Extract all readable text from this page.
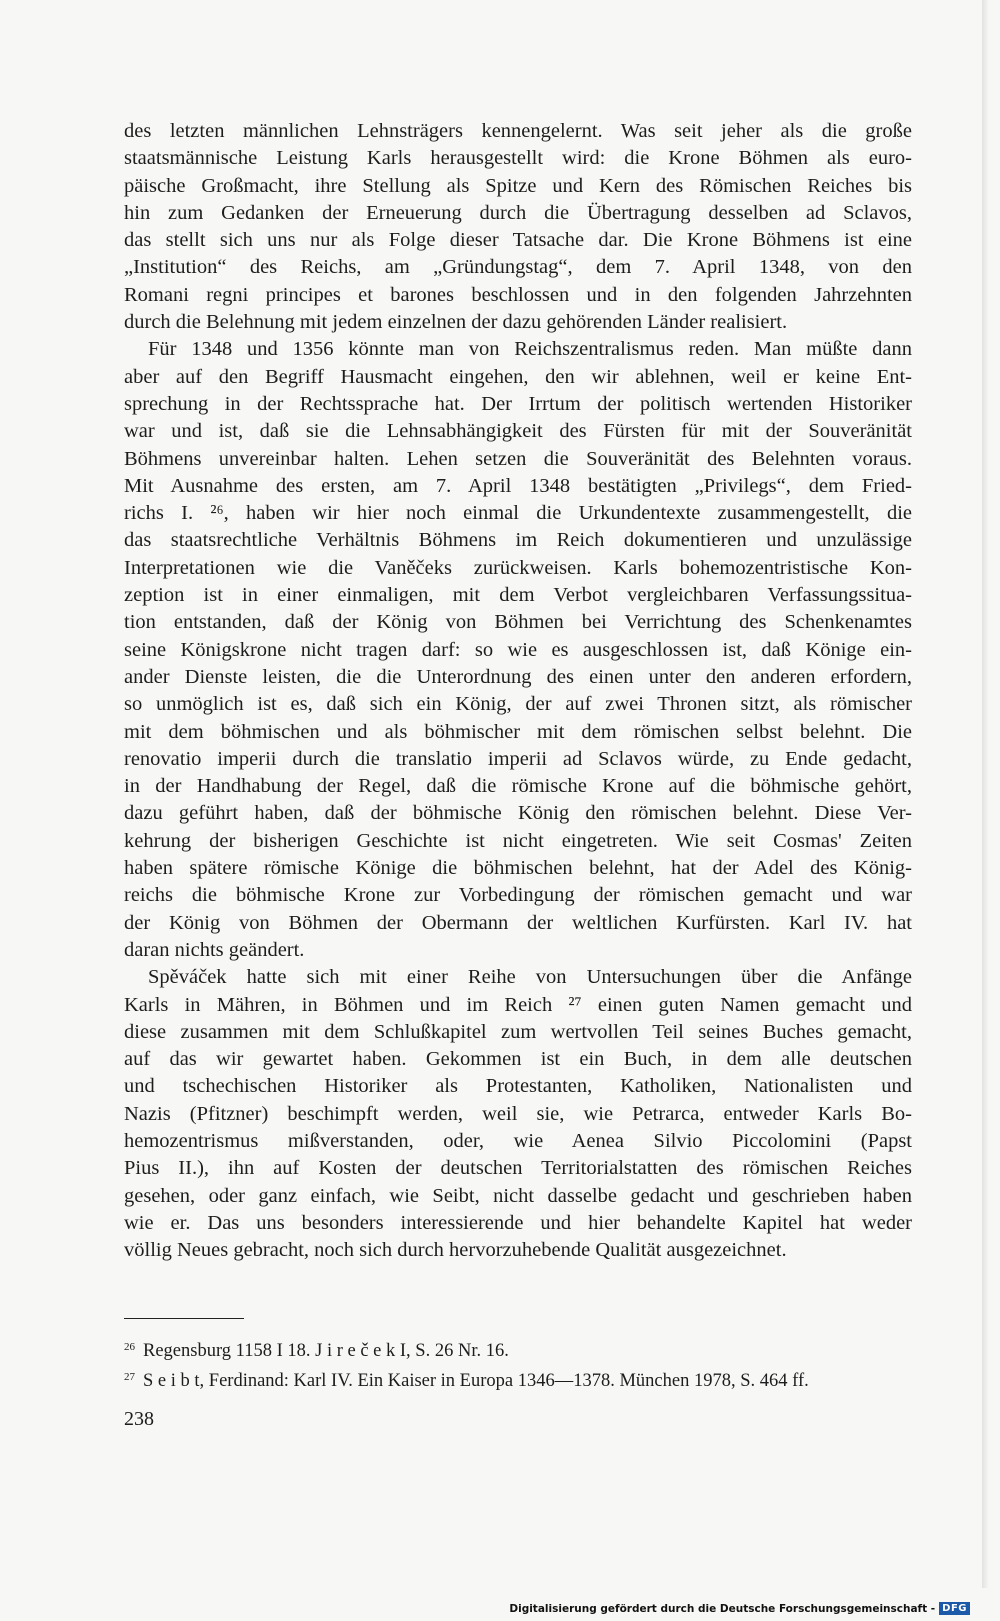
des letzten männlichen Lehnsträgers kennengelernt. Was seit jeher als die große
staatsmännische Leistung Karls herausgestellt wird: die Krone Böhmen als euro-
päische Großmacht, ihre Stellung als Spitze und Kern des Römischen Reiches bis
hin zum Gedanken der Erneuerung durch die Übertragung desselben ad Sclavos,
das stellt sich uns nur als Folge dieser Tatsache dar. Die Krone Böhmens ist eine
„Institution“ des Reichs, am „Gründungstag“, dem 7. April 1348, von den
Romani regni principes et barones beschlossen und in den folgenden Jahrzehnten
durch die Belehnung mit jedem einzelnen der dazu gehörenden Länder realisiert.
Für 1348 und 1356 könnte man von Reichszentralismus reden. Man müßte dann
aber auf den Begriff Hausmacht eingehen, den wir ablehnen, weil er keine Ent-
sprechung in der Rechtssprache hat. Der Irrtum der politisch wertenden Historiker
war und ist, daß sie die Lehnsabhängigkeit des Fürsten für mit der Souveränität
Böhmens unvereinbar halten. Lehen setzen die Souveränität des Belehnten voraus.
Mit Ausnahme des ersten, am 7. April 1348 bestätigten „Privilegs“, dem Fried-
richs I. ²⁶, haben wir hier noch einmal die Urkundentexte zusammengestellt, die
das staatsrechtliche Verhältnis Böhmens im Reich dokumentieren und unzulässige
Interpretationen wie die Vaněčeks zurückweisen. Karls bohemozentristische Kon-
zeption ist in einer einmaligen, mit dem Verbot vergleichbaren Verfassungssitua-
tion entstanden, daß der König von Böhmen bei Verrichtung des Schenkenamtes
seine Königskrone nicht tragen darf: so wie es ausgeschlossen ist, daß Könige ein-
ander Dienste leisten, die die Unterordnung des einen unter den anderen erfordern,
so unmöglich ist es, daß sich ein König, der auf zwei Thronen sitzt, als römischer
mit dem böhmischen und als böhmischer mit dem römischen selbst belehnt. Die
renovatio imperii durch die translatio imperii ad Sclavos würde, zu Ende gedacht,
in der Handhabung der Regel, daß die römische Krone auf die böhmische gehört,
dazu geführt haben, daß der böhmische König den römischen belehnt. Diese Ver-
kehrung der bisherigen Geschichte ist nicht eingetreten. Wie seit Cosmas' Zeiten
haben spätere römische Könige die böhmischen belehnt, hat der Adel des König-
reichs die böhmische Krone zur Vorbedingung der römischen gemacht und war
der König von Böhmen der Obermann der weltlichen Kurfürsten. Karl IV. hat
daran nichts geändert.
Spěváček hatte sich mit einer Reihe von Untersuchungen über die Anfänge
Karls in Mähren, in Böhmen und im Reich ²⁷ einen guten Namen gemacht und
diese zusammen mit dem Schlußkapitel zum wertvollen Teil seines Buches gemacht,
auf das wir gewartet haben. Gekommen ist ein Buch, in dem alle deutschen
und tschechischen Historiker als Protestanten, Katholiken, Nationalisten und
Nazis (Pfitzner) beschimpft werden, weil sie, wie Petrarca, entweder Karls Bo-
hemozentrismus mißverstanden, oder, wie Aenea Silvio Piccolomini (Papst
Pius II.), ihn auf Kosten der deutschen Territorialstatten des römischen Reiches
gesehen, oder ganz einfach, wie Seibt, nicht dasselbe gedacht und geschrieben haben
wie er. Das uns besonders interessierende und hier behandelte Kapitel hat weder
völlig Neues gebracht, noch sich durch hervorzuhebende Qualität ausgezeichnet.
$^{26}$ Regensburg 1158 I 18. J i r e č e k I, S. 26 Nr. 16.
$^{27}$ S e i b t, Ferdinand: Karl IV. Ein Kaiser in Europa 1346—1378. München 1978, S. 464 ff.
238
Digitalisierung gefördert durch die Deutsche Forschungsgemeinschaft - DFG
